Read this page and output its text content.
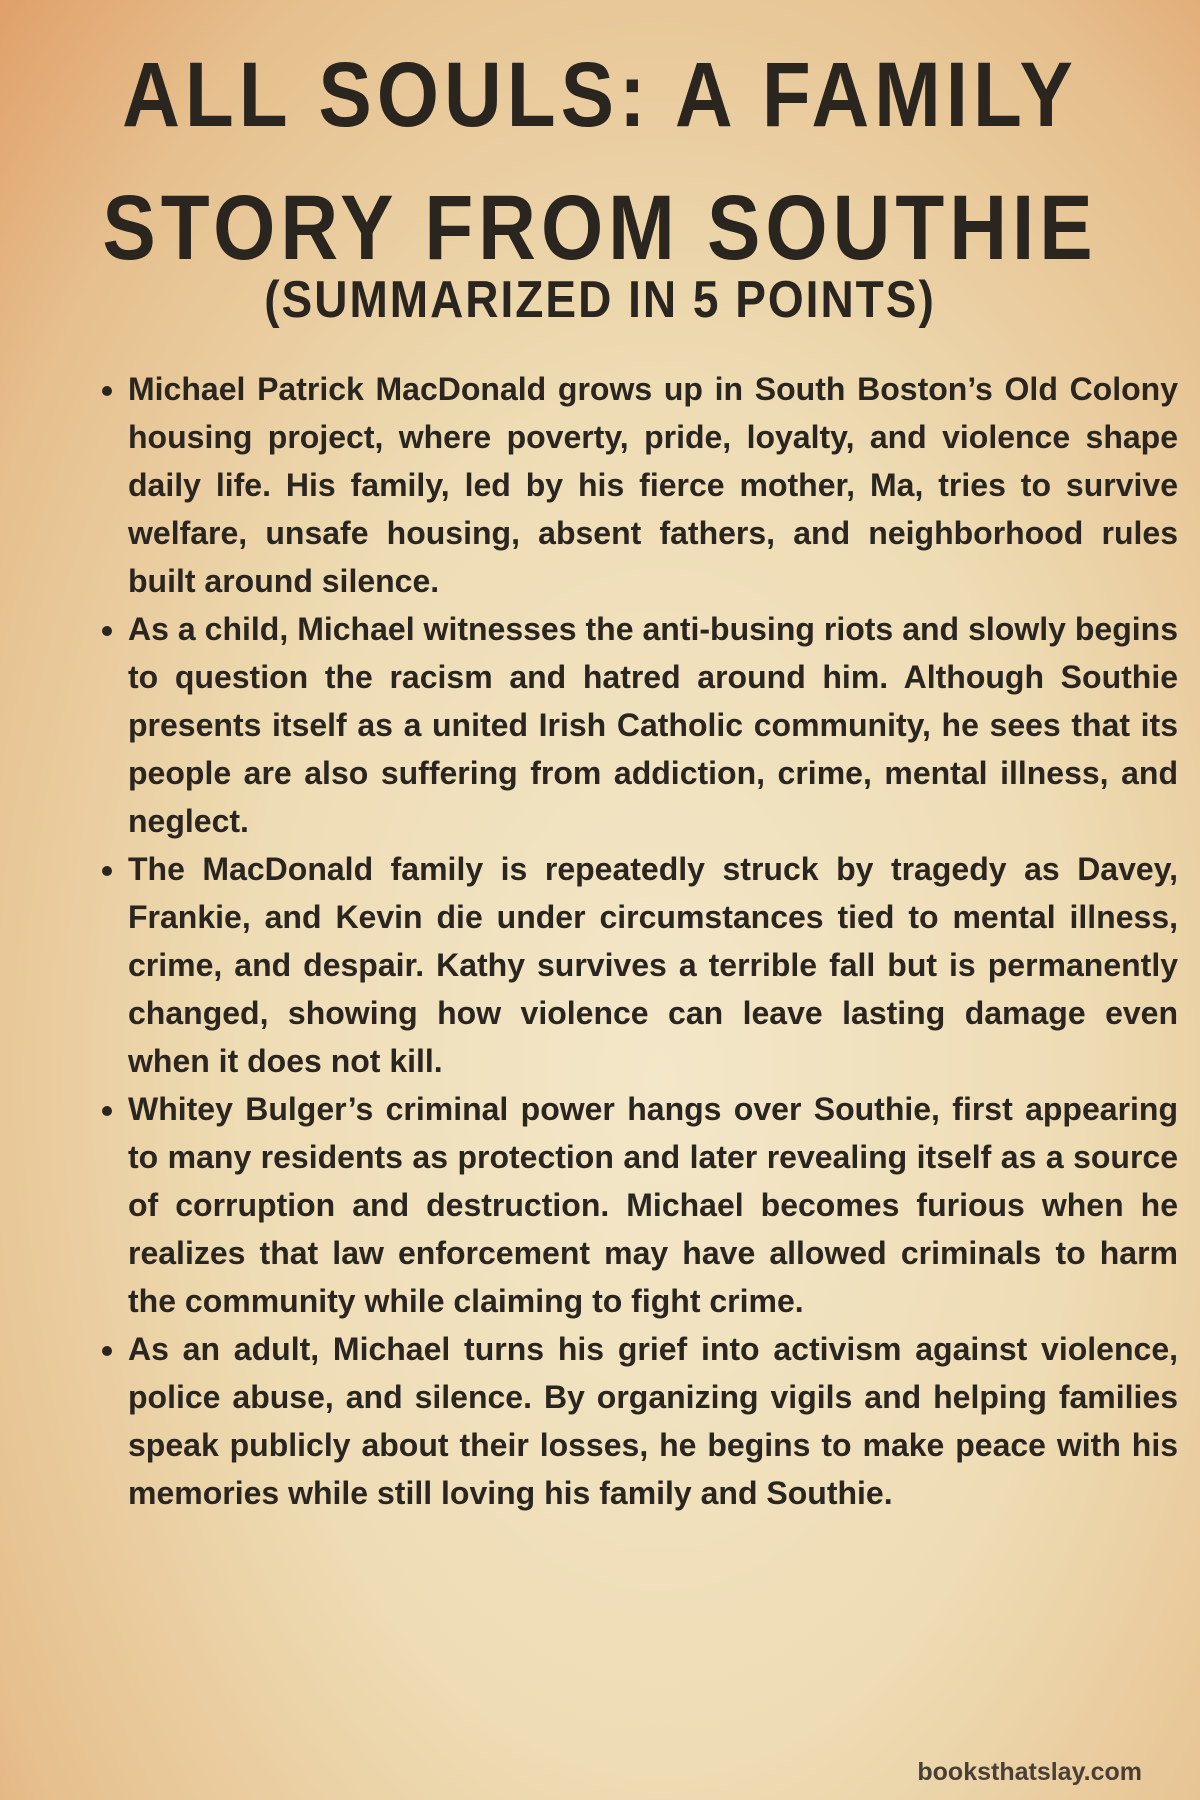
ALL SOULS: A FAMILY
STORY FROM SOUTHIE
(SUMMARIZED IN 5 POINTS)
• Michael Patrick MacDonald grows up in South Boston’s Old Colony housing project, where poverty, pride, loyalty, and violence shape daily life. His family, led by his fierce mother, Ma, tries to survive welfare, unsafe housing, absent fathers, and neighborhood rules built around silence.
• As a child, Michael witnesses the anti-busing riots and slowly begins to question the racism and hatred around him. Although Southie presents itself as a united Irish Catholic community, he sees that its people are also suffering from addiction, crime, mental illness, and neglect.
• The MacDonald family is repeatedly struck by tragedy as Davey, Frankie, and Kevin die under circumstances tied to mental illness, crime, and despair. Kathy survives a terrible fall but is permanently changed, showing how violence can leave lasting damage even when it does not kill.
• Whitey Bulger’s criminal power hangs over Southie, first appearing to many residents as protection and later revealing itself as a source of corruption and destruction. Michael becomes furious when he realizes that law enforcement may have allowed criminals to harm the community while claiming to fight crime.
• As an adult, Michael turns his grief into activism against violence, police abuse, and silence. By organizing vigils and helping families speak publicly about their losses, he begins to make peace with his memories while still loving his family and Southie.
booksthatslay.com
